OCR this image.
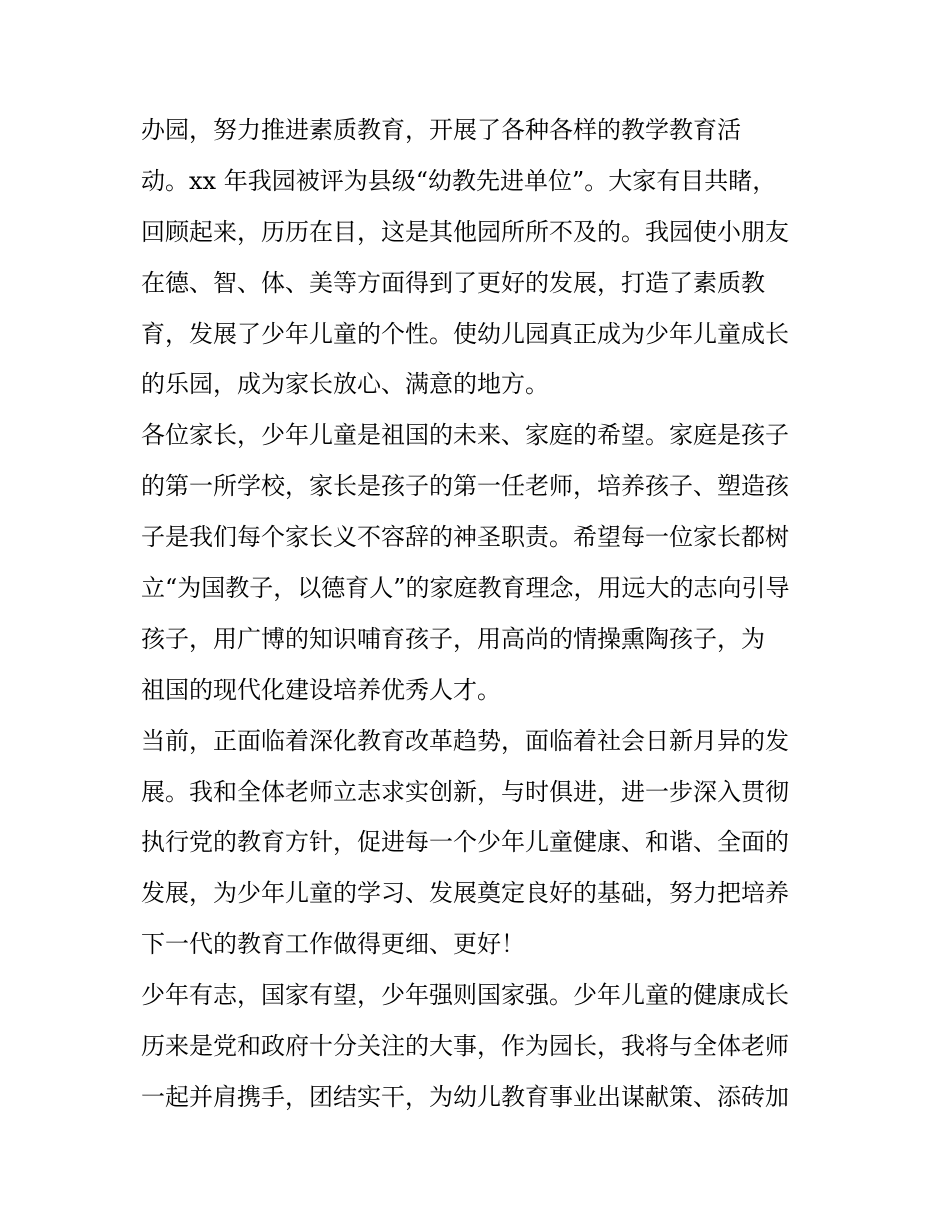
办园，努力推进素质教育，开展了各种各样的教学教育活
动。xx 年我园被评为县级“幼教先进单位”。大家有目共睹，
回顾起来，历历在目，这是其他园所所不及的。我园使小朋友
在德、智、体、美等方面得到了更好的发展，打造了素质教
育，发展了少年儿童的个性。使幼儿园真正成为少年儿童成长
的乐园，成为家长放心、满意的地方。
各位家长，少年儿童是祖国的未来、家庭的希望。家庭是孩子
的第一所学校，家长是孩子的第一任老师，培养孩子、塑造孩
子是我们每个家长义不容辞的神圣职责。希望每一位家长都树
立“为国教子，以德育人”的家庭教育理念，用远大的志向引导
孩子，用广博的知识哺育孩子，用高尚的情操熏陶孩子，为
祖国的现代化建设培养优秀人才。
当前，正面临着深化教育改革趋势，面临着社会日新月异的发
展。我和全体老师立志求实创新，与时俱进，进一步深入贯彻
执行党的教育方针，促进每一个少年儿童健康、和谐、全面的
发展，为少年儿童的学习、发展奠定良好的基础，努力把培养
下一代的教育工作做得更细、更好！
少年有志，国家有望，少年强则国家强。少年儿童的健康成长
历来是党和政府十分关注的大事，作为园长，我将与全体老师
一起并肩携手，团结实干，为幼儿教育事业出谋献策、添砖加
